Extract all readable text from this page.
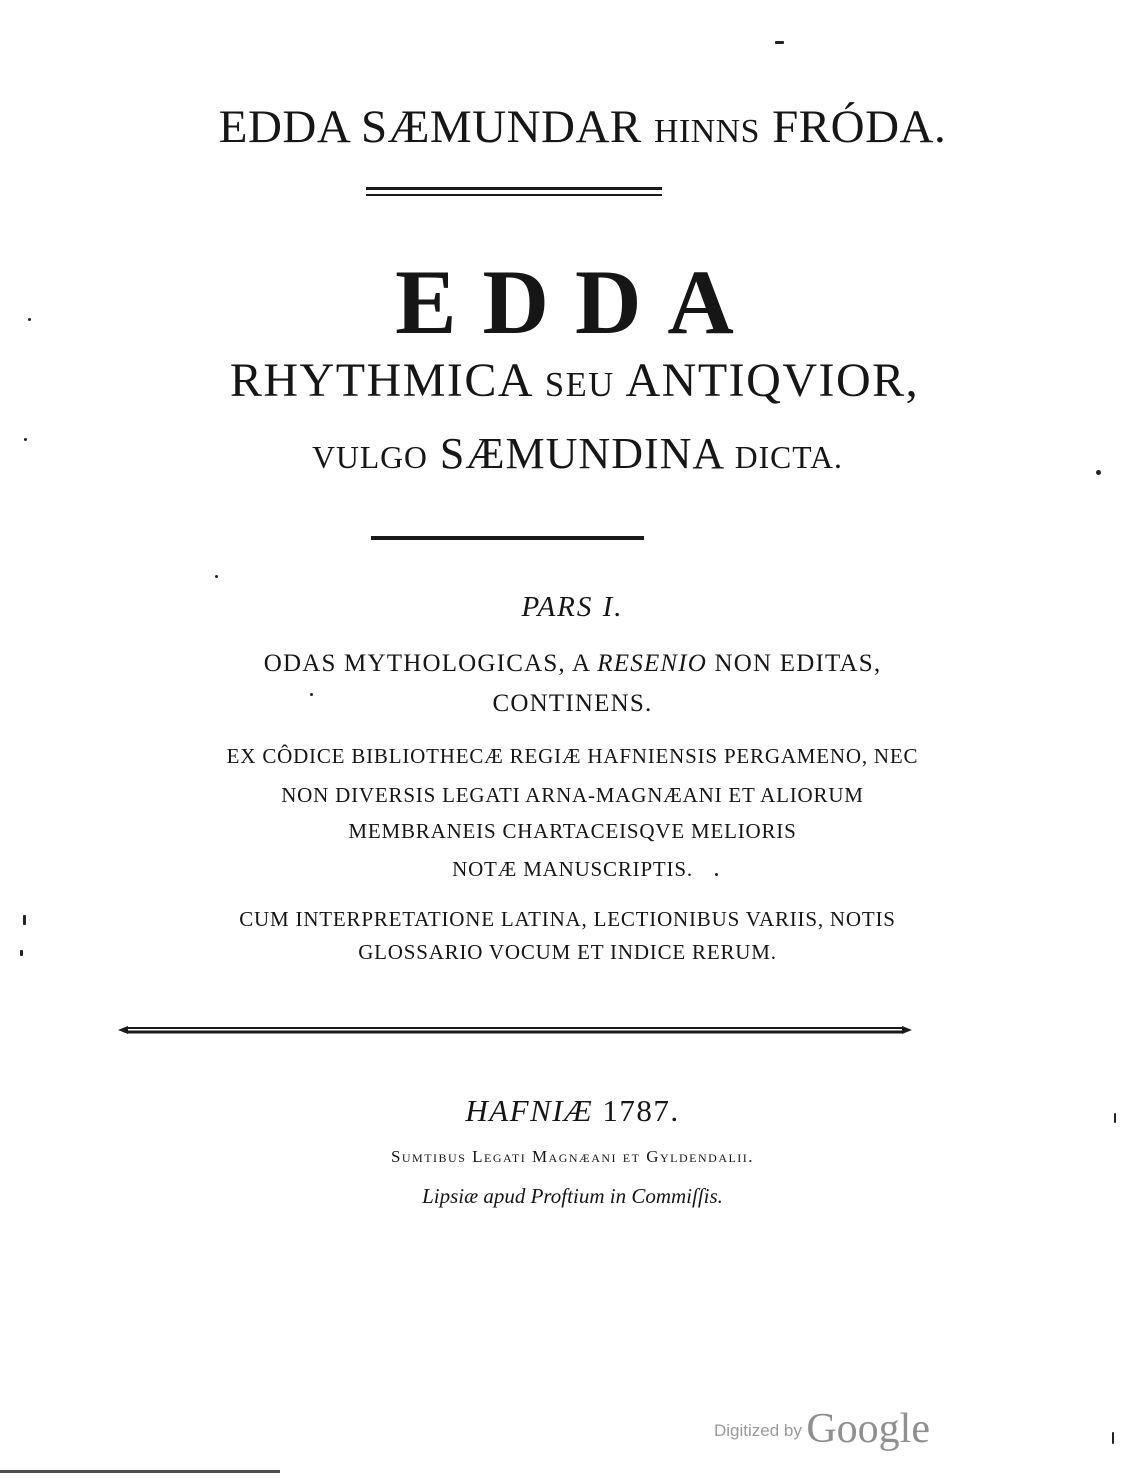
EDDA SÆMUNDAR HINNS FRÓDA.
EDDA
RHYTHMICA SEU ANTIQVIOR,
VULGO SÆMUNDINA DICTA.
PARS I.
ODAS MYTHOLOGICAS, A RESENIO NON EDITAS,
CONTINENS.
EX CÔDICE BIBLIOTHECÆ REGIÆ HAFNIENSIS PERGAMENO, NEC
NON DIVERSIS LEGATI ARNA-MAGNÆANI ET ALIORUM
MEMBRANEIS CHARTACEISQVE MELIORIS
NOTÆ MANUSCRIPTIS.
CUM INTERPRETATIONE LATINA, LECTIONIBUS VARIIS, NOTIS
GLOSSARIO VOCUM ET INDICE RERUM.
HAFNIÆ 1787.
Sumtibus Legati Magnæani et Gyldendalii.
Lipsiæ apud Proftium in Commiſſis.
Digitized by Google
